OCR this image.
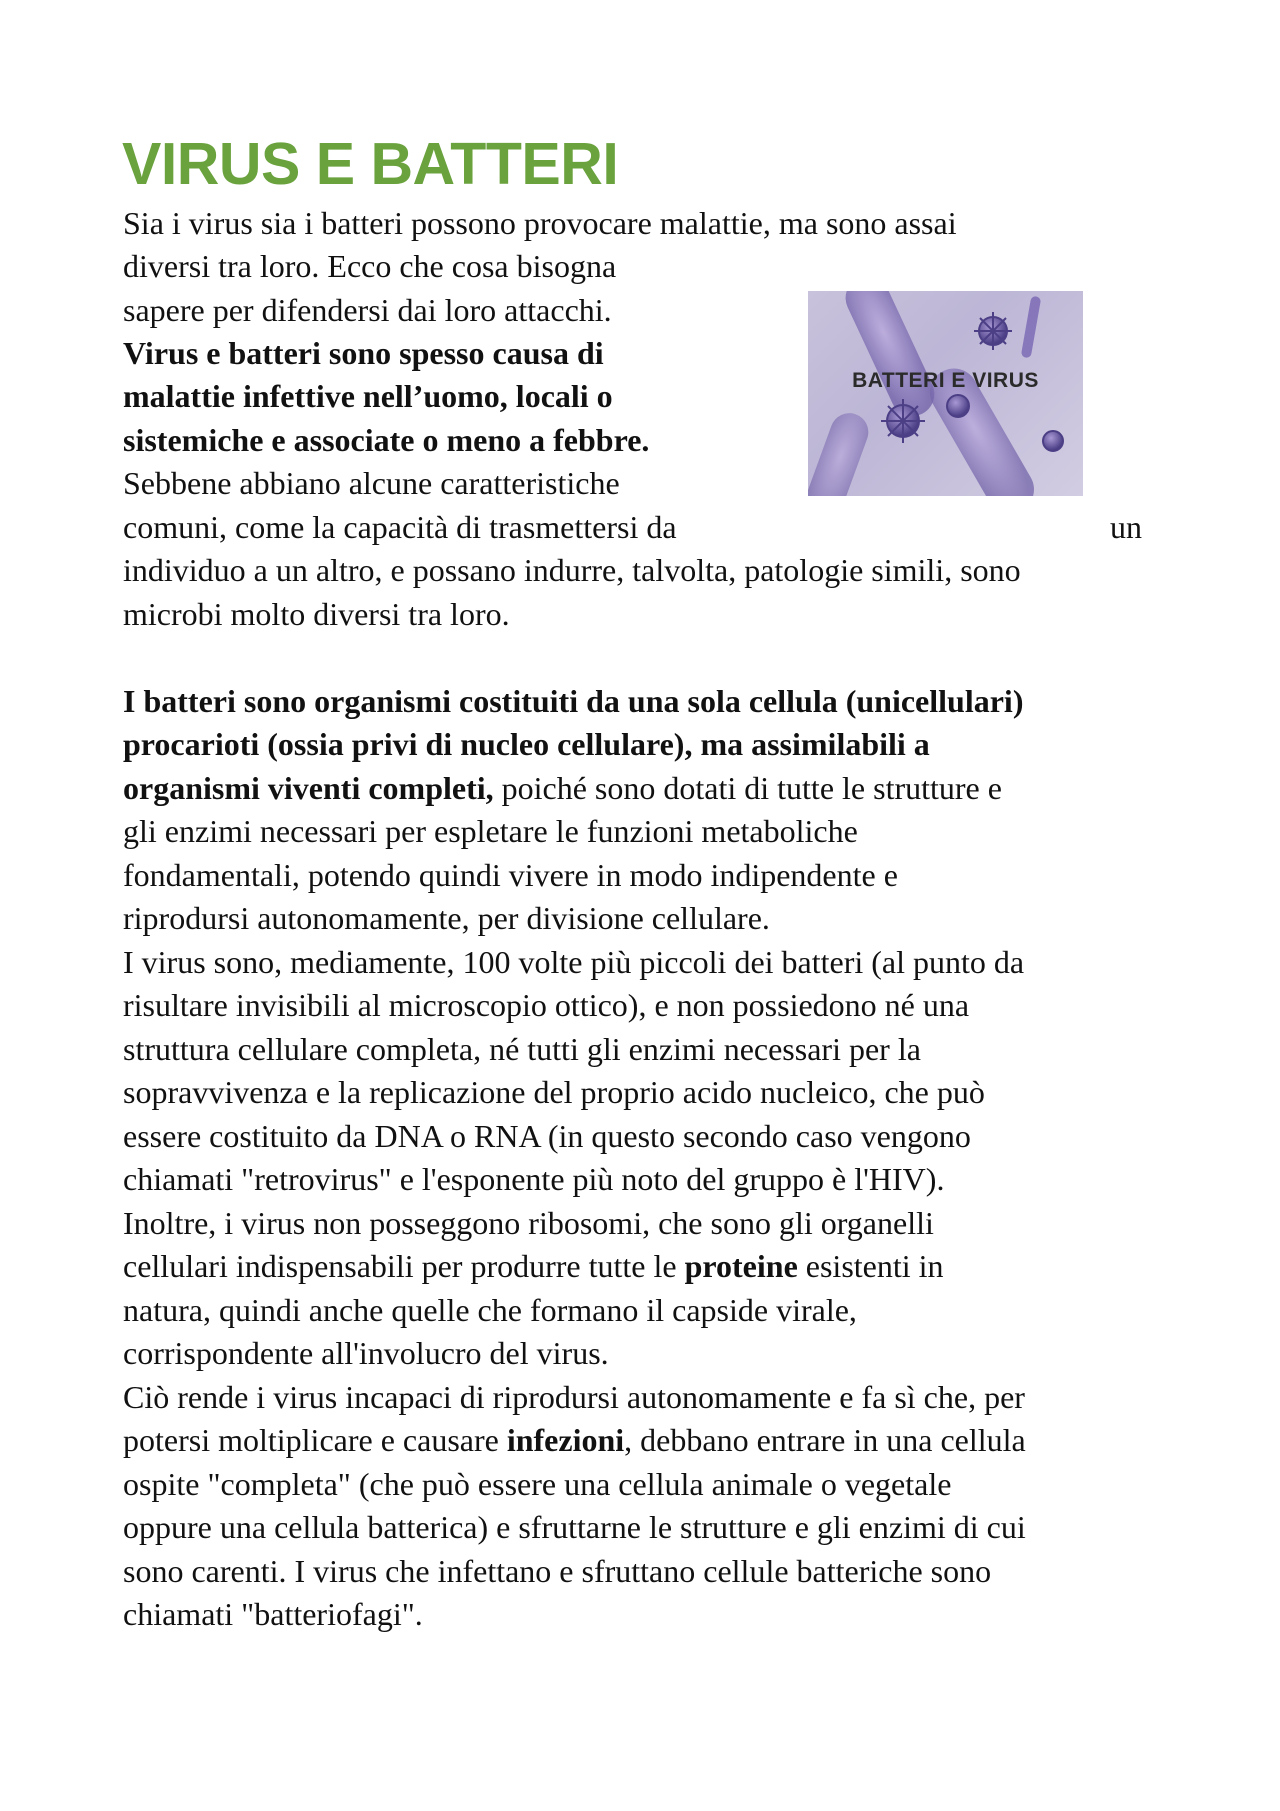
VIRUS E BATTERI
BATTERI E VIRUS
Sia i virus sia i batteri possono provocare malattie, ma sono assai
diversi tra loro. Ecco che cosa bisogna
sapere per difendersi dai loro attacchi.
Virus e batteri sono spesso causa di
malattie infettive nell’uomo, locali o
sistemiche e associate o meno a febbre.
Sebbene abbiano alcune caratteristiche
comuni, come la capacità di trasmettersi da	un
individuo a un altro, e possano indurre, talvolta, patologie simili, sono
microbi molto diversi tra loro.
I batteri sono organismi costituiti da una sola cellula (unicellulari)
procarioti (ossia privi di nucleo cellulare), ma assimilabili a
organismi viventi completi, poiché sono dotati di tutte le strutture e
gli enzimi necessari per espletare le funzioni metaboliche
fondamentali, potendo quindi vivere in modo indipendente e
riprodursi autonomamente, per divisione cellulare.
I virus sono, mediamente, 100 volte più piccoli dei batteri (al punto da
risultare invisibili al microscopio ottico), e non possiedono né una
struttura cellulare completa, né tutti gli enzimi necessari per la
sopravvivenza e la replicazione del proprio acido nucleico, che può
essere costituito da DNA o RNA (in questo secondo caso vengono
chiamati "retrovirus" e l'esponente più noto del gruppo è l'HIV).
Inoltre, i virus non posseggono ribosomi, che sono gli organelli
cellulari indispensabili per produrre tutte le proteine esistenti in
natura, quindi anche quelle che formano il capside virale,
corrispondente all'involucro del virus.
Ciò rende i virus incapaci di riprodursi autonomamente e fa sì che, per
potersi moltiplicare e causare infezioni, debbano entrare in una cellula
ospite "completa" (che può essere una cellula animale o vegetale
oppure una cellula batterica) e sfruttarne le strutture e gli enzimi di cui
sono carenti. I virus che infettano e sfruttano cellule batteriche sono
chiamati "batteriofagi".
